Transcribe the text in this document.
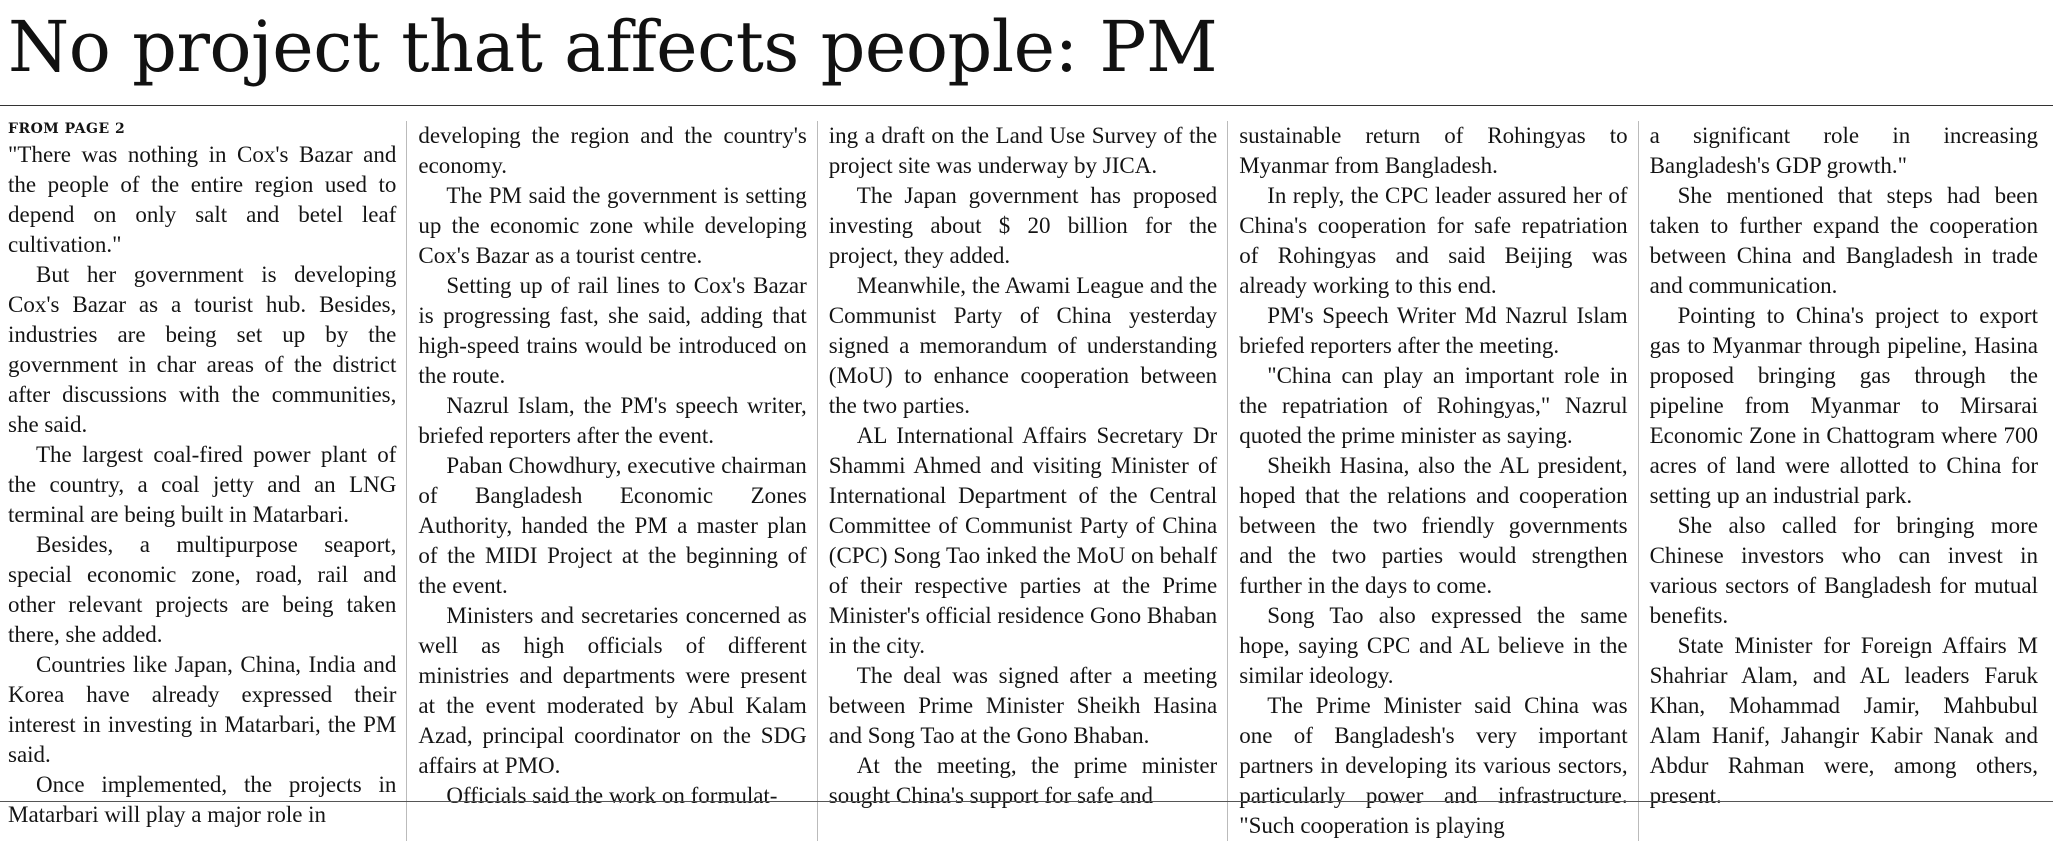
No project that affects people: PM
FROM PAGE 2

"There was nothing in Cox's Bazar and the people of the entire region used to depend on only salt and betel leaf cultivation."

But her government is developing Cox's Bazar as a tourist hub. Besides, industries are being set up by the government in char areas of the district after discussions with the communities, she said.

The largest coal-fired power plant of the country, a coal jetty and an LNG terminal are being built in Matarbari.

Besides, a multipurpose seaport, special economic zone, road, rail and other relevant projects are being taken there, she added.

Countries like Japan, China, India and Korea have already expressed their interest in investing in Matarbari, the PM said.

Once implemented, the projects in Matarbari will play a major role in

developing the region and the country's economy.

The PM said the government is setting up the economic zone while developing Cox's Bazar as a tourist centre.

Setting up of rail lines to Cox's Bazar is progressing fast, she said, adding that high-speed trains would be introduced on the route.

Nazrul Islam, the PM's speech writer, briefed reporters after the event.

Paban Chowdhury, executive chairman of Bangladesh Economic Zones Authority, handed the PM a master plan of the MIDI Project at the beginning of the event.

Ministers and secretaries concerned as well as high officials of different ministries and departments were present at the event moderated by Abul Kalam Azad, principal coordinator on the SDG affairs at PMO.

Officials said the work on formulat-

ing a draft on the Land Use Survey of the project site was underway by JICA.

The Japan government has proposed investing about $ 20 billion for the project, they added.

Meanwhile, the Awami League and the Communist Party of China yesterday signed a memorandum of understanding (MoU) to enhance cooperation between the two parties.

AL International Affairs Secretary Dr Shammi Ahmed and visiting Minister of International Department of the Central Committee of Communist Party of China (CPC) Song Tao inked the MoU on behalf of their respective parties at the Prime Minister's official residence Gono Bhaban in the city.

The deal was signed after a meeting between Prime Minister Sheikh Hasina and Song Tao at the Gono Bhaban.

At the meeting, the prime minister sought China's support for safe and

sustainable return of Rohingyas to Myanmar from Bangladesh.

In reply, the CPC leader assured her of China's cooperation for safe repatriation of Rohingyas and said Beijing was already working to this end.

PM's Speech Writer Md Nazrul Islam briefed reporters after the meeting.

"China can play an important role in the repatriation of Rohingyas," Nazrul quoted the prime minister as saying.

Sheikh Hasina, also the AL president, hoped that the relations and cooperation between the two friendly governments and the two parties would strengthen further in the days to come.

Song Tao also expressed the same hope, saying CPC and AL believe in the similar ideology.

The Prime Minister said China was one of Bangladesh's very important partners in developing its various sectors, particularly power and infrastructure. "Such cooperation is playing

a significant role in increasing Bangladesh's GDP growth."

She mentioned that steps had been taken to further expand the cooperation between China and Bangladesh in trade and communication.

Pointing to China's project to export gas to Myanmar through pipeline, Hasina proposed bringing gas through the pipeline from Myanmar to Mirsarai Economic Zone in Chattogram where 700 acres of land were allotted to China for setting up an industrial park.

She also called for bringing more Chinese investors who can invest in various sectors of Bangladesh for mutual benefits.

State Minister for Foreign Affairs M Shahriar Alam, and AL leaders Faruk Khan, Mohammad Jamir, Mahbubul Alam Hanif, Jahangir Kabir Nanak and Abdur Rahman were, among others, present.
